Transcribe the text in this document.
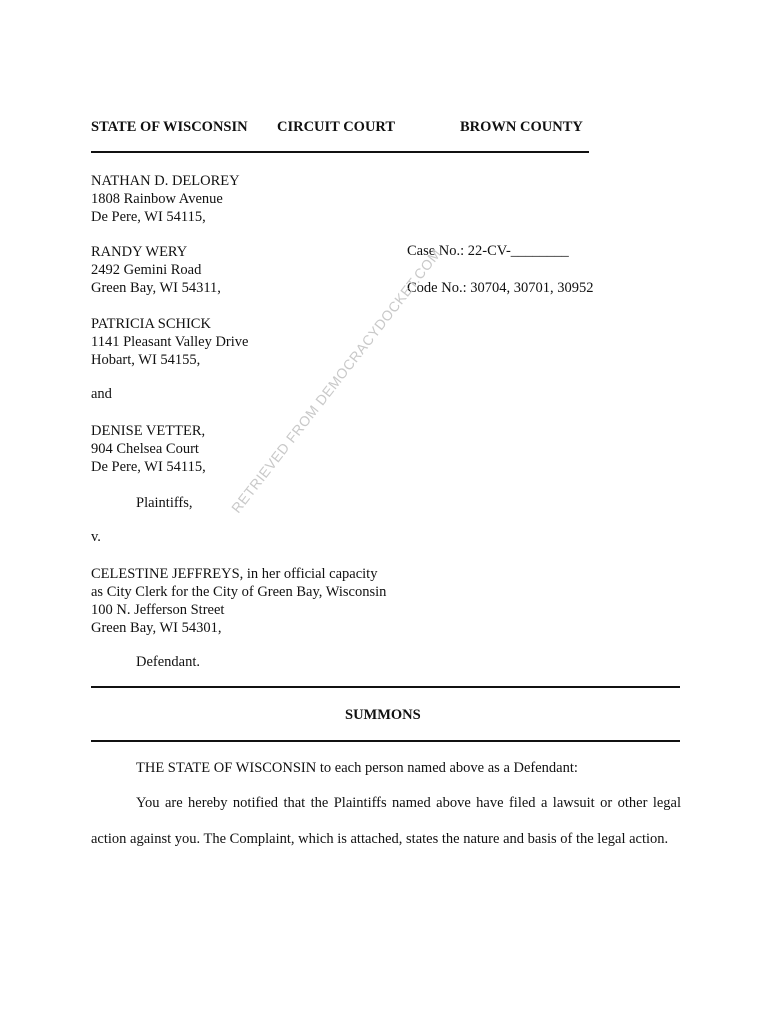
STATE OF WISCONSIN CIRCUIT COURT	BROWN COUNTY
NATHAN D. DELOREY
1808 Rainbow Avenue
De Pere, WI 54115,
RANDY WERY
2492 Gemini Road
Green Bay, WI 54311,
Case No.: 22-CV-________
Code No.: 30704, 30701, 30952
PATRICIA SCHICK
1141 Pleasant Valley Drive
Hobart, WI 54155,
and
DENISE VETTER,
904 Chelsea Court
De Pere, WI 54115,
Plaintiffs,
v.
CELESTINE JEFFREYS, in her official capacity
as City Clerk for the City of Green Bay, Wisconsin
100 N. Jefferson Street
Green Bay, WI 54301,
Defendant.
SUMMONS
THE STATE OF WISCONSIN to each person named above as a Defendant:
You are hereby notified that the Plaintiffs named above have filed a lawsuit or other legal action against you. The Complaint, which is attached, states the nature and basis of the legal action.
RETRIEVED FROM DEMOCRACYDOCKET.COM
